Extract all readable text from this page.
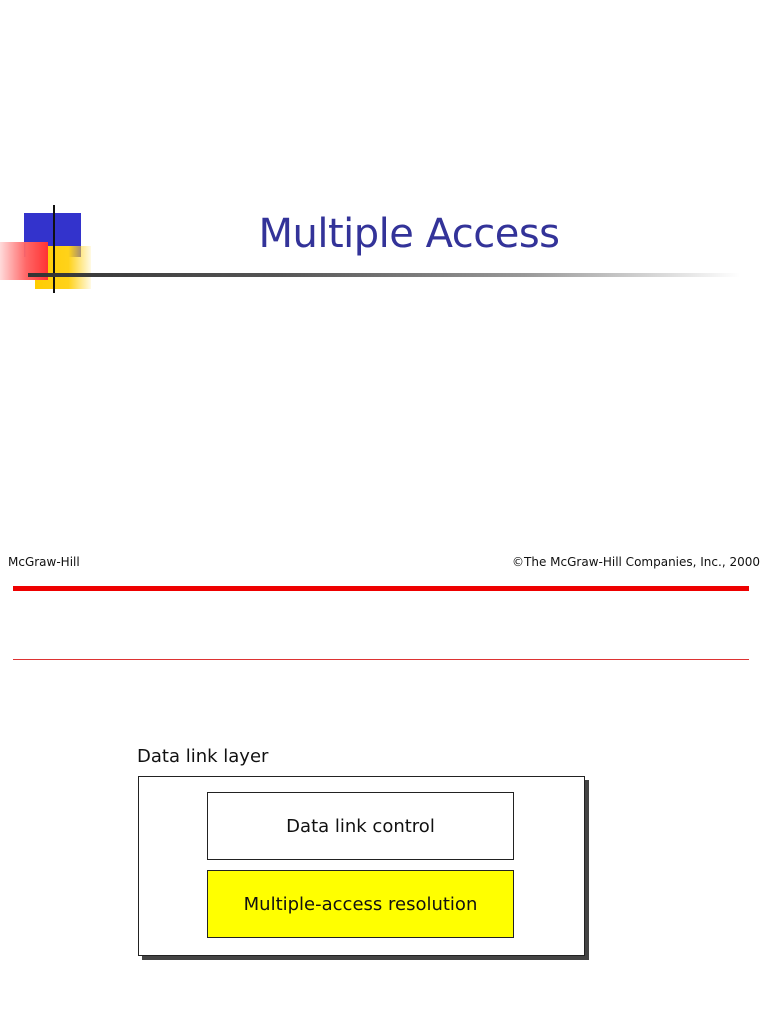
Multiple Access
McGraw-Hill	©The McGraw-Hill Companies, Inc., 2000
Data link layer
Data link control
Multiple-access resolution
